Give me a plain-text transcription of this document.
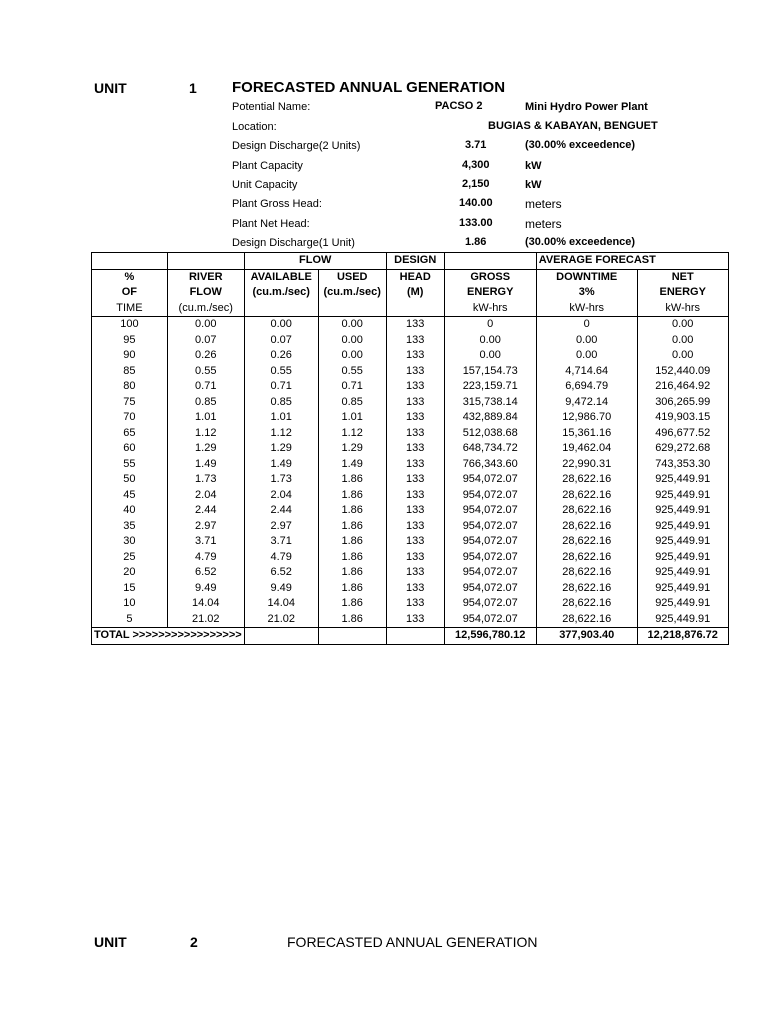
UNIT	1 FORECASTED ANNUAL GENERATION
Potential Name:	PACSO 2	Mini Hydro Power Plant
Location:	BUGIAS & KABAYAN, BENGUET
Design Discharge(2 Units)	3.71	(30.00% exceedence)
Plant Capacity	4,300	kW
Unit Capacity	2,150	kW
Plant Gross Head:	140.00	meters
Plant Net Head:	133.00	meters
Design Discharge(1 Unit)	1.86	(30.00% exceedence)
		FLOW		DESIGN		AVERAGE FORECAST	
%	RIVER	AVAILABLE	USED	HEAD	GROSS	DOWNTIME	NET
OF	FLOW	(cu.m./sec)	(cu.m./sec)	(M)	ENERGY	3%	ENERGY
TIME	(cu.m./sec)				kW-hrs	kW-hrs	kW-hrs
100	0.00	0.00	0.00	133	0	0	0.00
95	0.07	0.07	0.00	133	0.00	0.00	0.00
90	0.26	0.26	0.00	133	0.00	0.00	0.00
85	0.55	0.55	0.55	133	157,154.73	4,714.64	152,440.09
80	0.71	0.71	0.71	133	223,159.71	6,694.79	216,464.92
75	0.85	0.85	0.85	133	315,738.14	9,472.14	306,265.99
70	1.01	1.01	1.01	133	432,889.84	12,986.70	419,903.15
65	1.12	1.12	1.12	133	512,038.68	15,361.16	496,677.52
60	1.29	1.29	1.29	133	648,734.72	19,462.04	629,272.68
55	1.49	1.49	1.49	133	766,343.60	22,990.31	743,353.30
50	1.73	1.73	1.86	133	954,072.07	28,622.16	925,449.91
45	2.04	2.04	1.86	133	954,072.07	28,622.16	925,449.91
40	2.44	2.44	1.86	133	954,072.07	28,622.16	925,449.91
35	2.97	2.97	1.86	133	954,072.07	28,622.16	925,449.91
30	3.71	3.71	1.86	133	954,072.07	28,622.16	925,449.91
25	4.79	4.79	1.86	133	954,072.07	28,622.16	925,449.91
20	6.52	6.52	1.86	133	954,072.07	28,622.16	925,449.91
15	9.49	9.49	1.86	133	954,072.07	28,622.16	925,449.91
10	14.04	14.04	1.86	133	954,072.07	28,622.16	925,449.91
5	21.02	21.02	1.86	133	954,072.07	28,622.16	925,449.91
TOTAL >>>>>>>>>>>>>>>>>					12,596,780.12	377,903.40	12,218,876.72
UNIT	2	FORECASTED ANNUAL GENERATION
